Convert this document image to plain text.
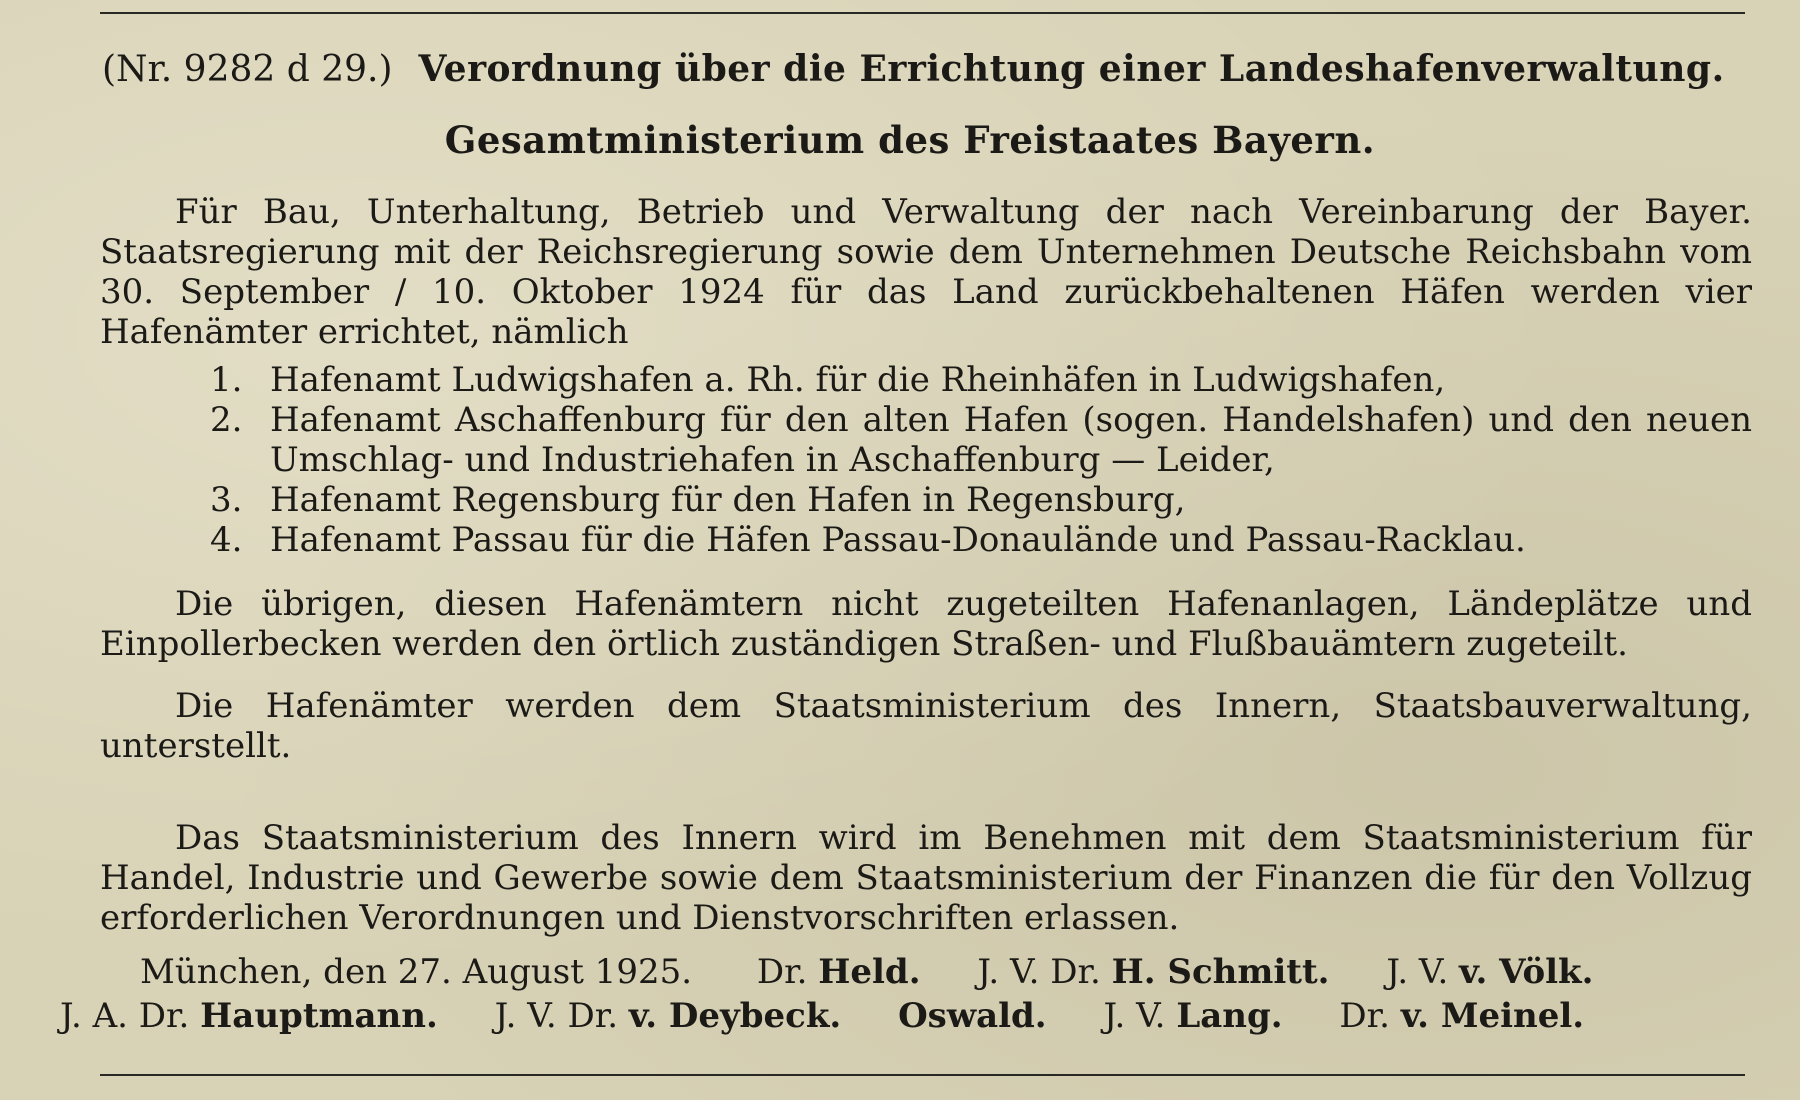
(Nr. 9282 d 29.) Verordnung über die Errichtung einer Landeshafenverwaltung.
Gesamtministerium des Freistaates Bayern.

Für Bau, Unterhaltung, Betrieb und Verwaltung der nach Vereinbarung der Bayer. Staatsregierung mit der Reichsregierung sowie dem Unternehmen Deutsche Reichsbahn vom 30. September / 10. Oktober 1924 für das Land zurückbehaltenen Häfen werden vier Hafenämter errichtet, nämlich

1. Hafenamt Ludwigshafen a. Rh. für die Rheinhäfen in Ludwigshafen,
2. Hafenamt Aschaffenburg für den alten Hafen (sogen. Handelshafen) und den neuen Umschlag- und Industriehafen in Aschaffenburg — Leider,
3. Hafenamt Regensburg für den Hafen in Regensburg,
4. Hafenamt Passau für die Häfen Passau-Donaulände und Passau-Racklau.

Die übrigen, diesen Hafenämtern nicht zugeteilten Hafenanlagen, Ländeplätze und Einpollerbecken werden den örtlich zuständigen Straßen- und Flußbauämtern zugeteilt.

Die Hafenämter werden dem Staatsministerium des Innern, Staatsbauverwaltung, unterstellt.

Das Staatsministerium des Innern wird im Benehmen mit dem Staatsministerium für Handel, Industrie und Gewerbe sowie dem Staatsministerium der Finanzen die für den Vollzug erforderlichen Verordnungen und Dienstvorschriften erlassen.

München, den 27. August 1925. Dr. Held. J. V. Dr. H. Schmitt. J. V. v. Völk.
J. A. Dr. Hauptmann. J. V. Dr. v. Deybeck. Oswald. J. V. Lang. Dr. v. Meinel.
